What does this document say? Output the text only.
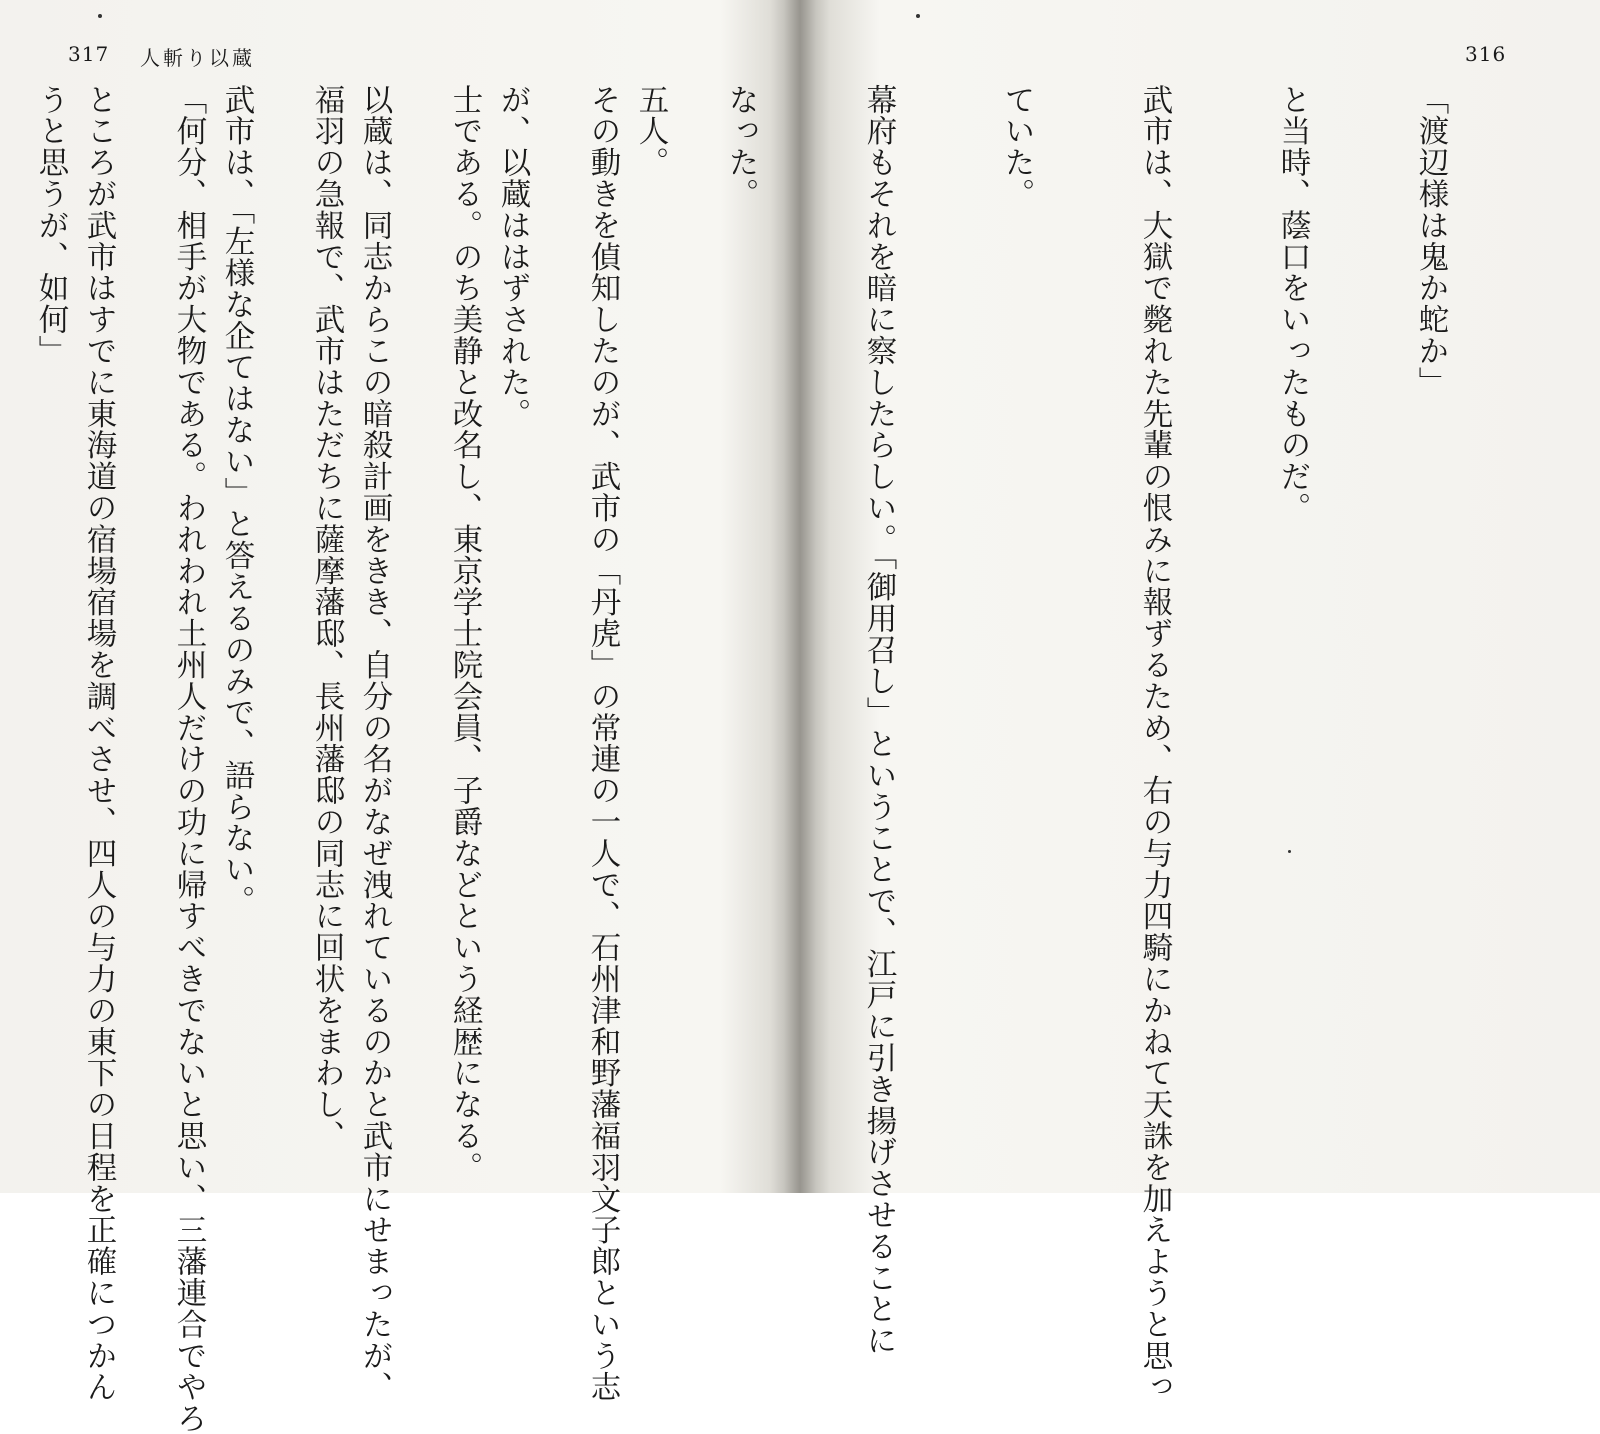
317 人斬り以蔵

五人。

が、以蔵ははずされた。

以蔵は、同志からこの暗殺計画をきき、自分の名がなぜ洩れているのかと武市にせまったが、

武市は、「左様な企てはない」と答えるのみで、語らない。

ところが武市はすでに東海道の宿場宿場を調べさせ、四人の与力の東下の日程を正確につかん

316

「渡辺様は鬼か蛇か」

と当時、蔭口をいったものだ。

武市は、大獄で斃れた先輩の恨みに報ずるため、右の与力四騎にかねて天誅を加えようと思っ

ていた。

幕府もそれを暗に察したらしい。「御用召し」ということで、江戸に引き揚げさせることに

なった。

その動きを偵知したのが、武市の「丹虎」の常連の一人で、石州津和野藩福羽文子郎という志

士である。のち美静と改名し、東京学士院会員、子爵などという経歴になる。

福羽の急報で、武市はただちに薩摩藩邸、長州藩邸の同志に回状をまわし、

「何分、相手が大物である。われわれ土州人だけの功に帰すべきでないと思い、三藩連合でやろ

うと思うが、如何」
